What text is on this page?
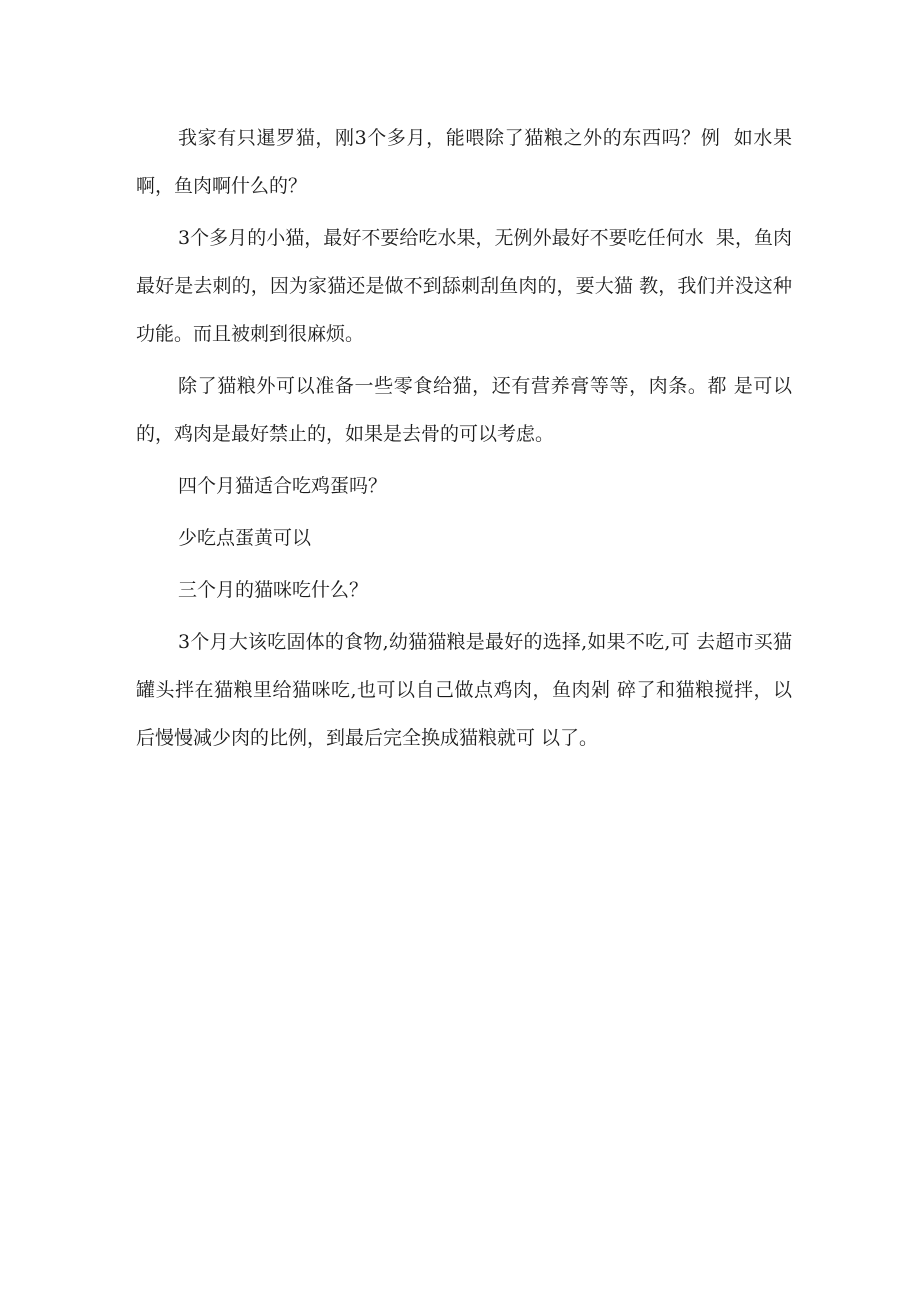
我家有只暹罗猫，刚3个多月，能喂除了猫粮之外的东西吗？例  如水果啊，鱼肉啊什么的？

3个多月的小猫，最好不要给吃水果，无例外最好不要吃任何水  果，鱼肉最好是去刺的，因为家猫还是做不到舔刺刮鱼肉的，要大猫 教，我们并没这种功能。而且被刺到很麻烦。

除了猫粮外可以准备一些零食给猫，还有营养膏等等，肉条。都 是可以的，鸡肉是最好禁止的，如果是去骨的可以考虑。

四个月猫适合吃鸡蛋吗？

少吃点蛋黄可以

三个月的猫咪吃什么？

3个月大该吃固体的食物,幼猫猫粮是最好的选择,如果不吃,可 去超市买猫罐头拌在猫粮里给猫咪吃,也可以自己做点鸡肉，鱼肉剁 碎了和猫粮搅拌，以后慢慢减少肉的比例，到最后完全换成猫粮就可 以了。
